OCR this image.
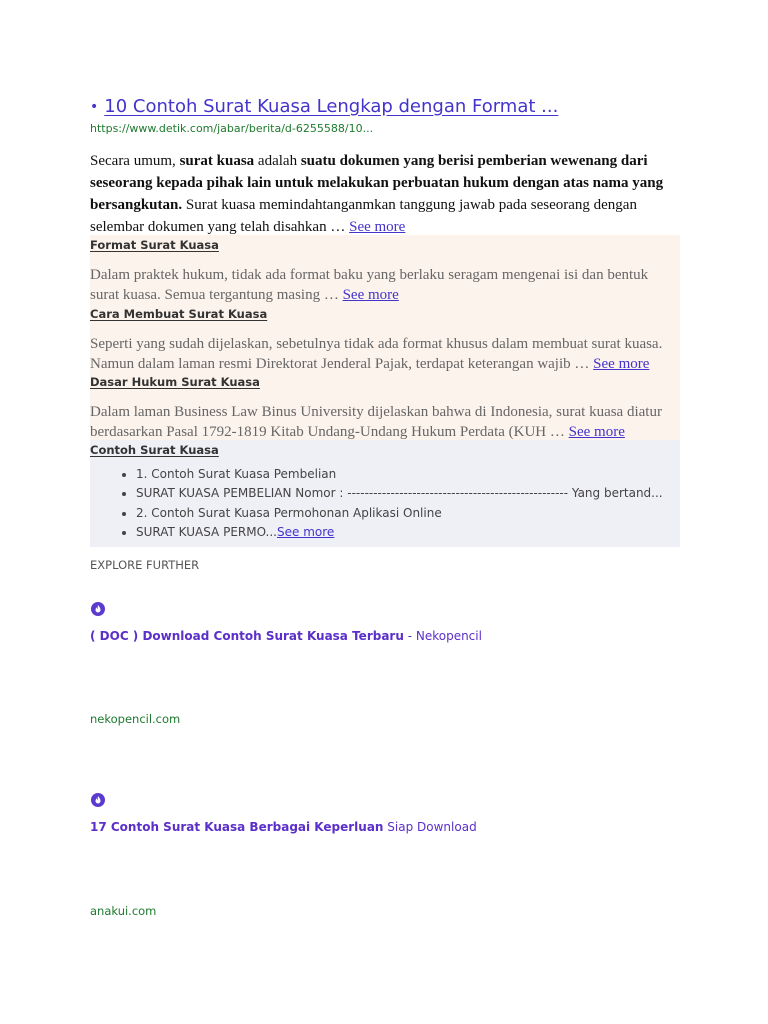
• 10 Contoh Surat Kuasa Lengkap dengan Format ...
https://www.detik.com/jabar/berita/d-6255588/10...
Secara umum, surat kuasa adalah suatu dokumen yang berisi pemberian wewenang dari seseorang kepada pihak lain untuk melakukan perbuatan hukum dengan atas nama yang bersangkutan. Surat kuasa memindahtanganmkan tanggung jawab pada seseorang dengan selembar dokumen yang telah disahkan … See more
Format Surat Kuasa
Dalam praktek hukum, tidak ada format baku yang berlaku seragam mengenai isi dan bentuk surat kuasa. Semua tergantung masing … See more
Cara Membuat Surat Kuasa
Seperti yang sudah dijelaskan, sebetulnya tidak ada format khusus dalam membuat surat kuasa. Namun dalam laman resmi Direktorat Jenderal Pajak, terdapat keterangan wajib … See more
Dasar Hukum Surat Kuasa
Dalam laman Business Law Binus University dijelaskan bahwa di Indonesia, surat kuasa diatur berdasarkan Pasal 1792-1819 Kitab Undang-Undang Hukum Perdata (KUH … See more
Contoh Surat Kuasa
• 1. Contoh Surat Kuasa Pembelian
• SURAT KUASA PEMBELIAN Nomor : --------------------------------------------------- Yang bertand...
• 2. Contoh Surat Kuasa Permohonan Aplikasi Online
• SURAT KUASA PERMO...See more
EXPLORE FURTHER
( DOC ) Download Contoh Surat Kuasa Terbaru - Nekopencil
nekopencil.com
17 Contoh Surat Kuasa Berbagai Keperluan Siap Download
anakui.com
